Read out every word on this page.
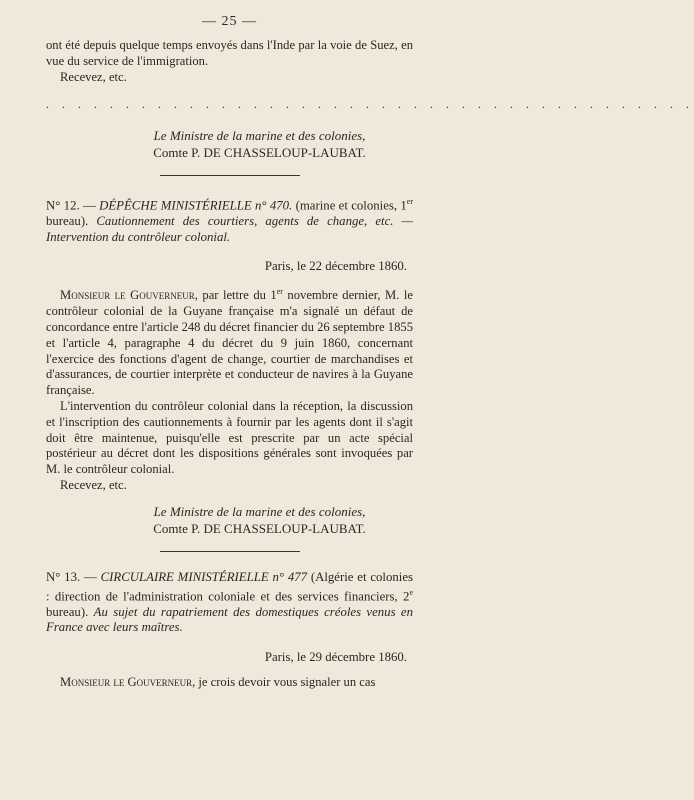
— 25 —

ont été depuis quelque temps envoyés dans l'Inde par la voie de Suez, en vue du service de l'immigration.

Recevez, etc.

. . . . . . . . . . . . . . . . . . . . . . . . . . . . . . . . . . . . . . . . .
Le Ministre de la marine et des colonies,
Comte P. DE CHASSELOUP-LAUBAT.

N° 12. — DÉPÊCHE MINISTÉRIELLE n° 470. (marine et colonies, 1er bureau). Cautionnement des courtiers, agents de change, etc. — Intervention du contrôleur colonial.

Paris, le 22 décembre 1860.

Monsieur le Gouverneur, par lettre du 1er novembre dernier, M. le contrôleur colonial de la Guyane française m'a signalé un défaut de concordance entre l'article 248 du décret financier du 26 septembre 1855 et l'article 4, paragraphe 4 du décret du 9 juin 1860, concernant l'exercice des fonctions d'agent de change, courtier de marchandises et d'assurances, de courtier interprète et conducteur de navires à la Guyane française.

L'intervention du contrôleur colonial dans la réception, la discussion et l'inscription des cautionnements à fournir par les agents dont il s'agit doit être maintenue, puisqu'elle est prescrite par un acte spécial postérieur au décret dont les dispositions générales sont invoquées par M. le contrôleur colonial.

Recevez, etc.

Le Ministre de la marine et des colonies,
Comte P. DE CHASSELOUP-LAUBAT.

N° 13. — CIRCULAIRE MINISTÉRIELLE n° 477 (Algérie et colonies : direction de l'administration coloniale et des services financiers, 2e bureau). Au sujet du rapatriement des domestiques créoles venus en France avec leurs maîtres.

Paris, le 29 décembre 1860.

Monsieur le Gouverneur, je crois devoir vous signaler un cas
